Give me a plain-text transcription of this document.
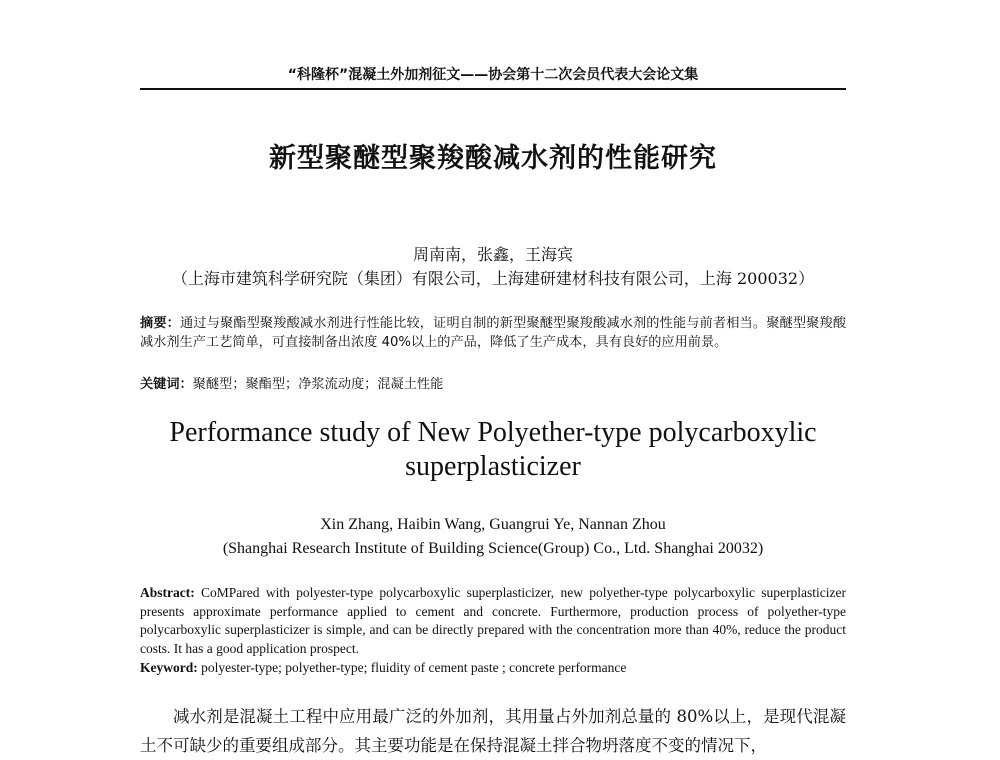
“科隆杯”混凝土外加剂征文——协会第十二次会员代表大会论文集
新型聚醚型聚羧酸减水剂的性能研究
周南南，张鑫，王海宾
（上海市建筑科学研究院（集团）有限公司，上海建研建材科技有限公司，上海 200032）
摘要：通过与聚酯型聚羧酸减水剂进行性能比较，证明自制的新型聚醚型聚羧酸减水剂的性能与前者相当。聚醚型聚羧酸减水剂生产工艺简单，可直接制备出浓度 40%以上的产品，降低了生产成本，具有良好的应用前景。
关键词：聚醚型；聚酯型；净浆流动度；混凝土性能
Performance study of New Polyether-type polycarboxylic superplasticizer
Xin Zhang, Haibin Wang, Guangrui Ye, Nannan Zhou
(Shanghai Research Institute of Building Science(Group) Co., Ltd. Shanghai 20032)
Abstract: CoMPared with polyester-type polycarboxylic superplasticizer, new polyether-type polycarboxylic superplasticizer presents approximate performance applied to cement and concrete. Furthermore, production process of polyether-type polycarboxylic superplasticizer is simple, and can be directly prepared with the concentration more than 40%, reduce the product costs. It has a good application prospect.
Keyword: polyester-type; polyether-type; fluidity of cement paste ; concrete performance

减水剂是混凝土工程中应用最广泛的外加剂，其用量占外加剂总量的 80%以上，是现代混凝土不可缺少的重要组成部分。其主要功能是在保持混凝土拌合物坍落度不变的情况下，
